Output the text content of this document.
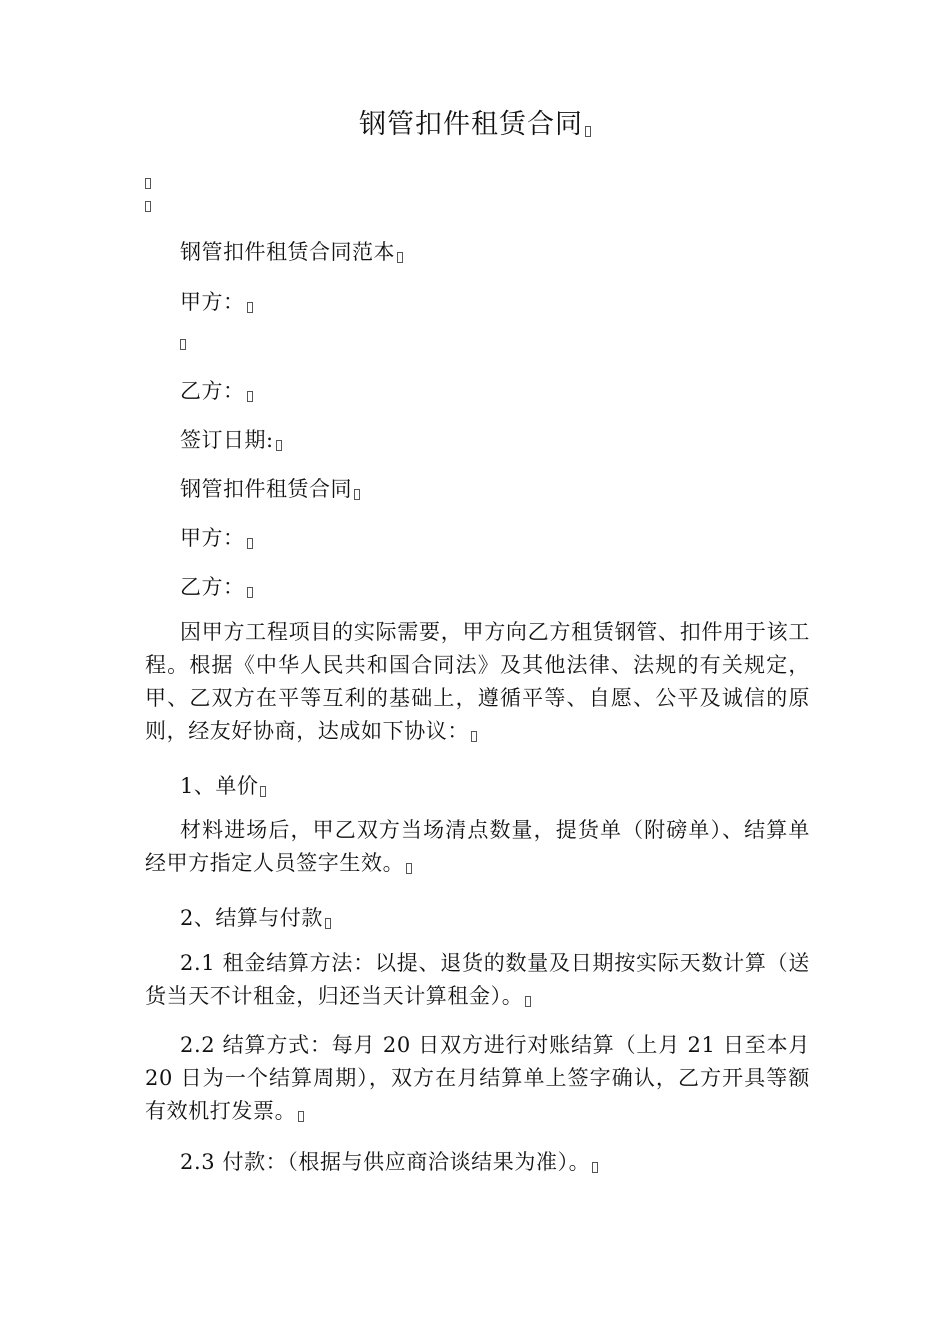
钢管扣件租赁合同
钢管扣件租赁合同范本
甲方：
乙方：
签订日期:
钢管扣件租赁合同
甲方：
乙方：
因甲方工程项目的实际需要，甲方向乙方租赁钢管、扣件用于该工程。根据《中华人民共和国合同法》及其他法律、法规的有关规定，甲、乙双方在平等互利的基础上，遵循平等、自愿、公平及诚信的原则，经友好协商，达成如下协议：
1、单价
材料进场后，甲乙双方当场清点数量，提货单（附磅单）、结算单经甲方指定人员签字生效。
2、结算与付款
2.1 租金结算方法：以提、退货的数量及日期按实际天数计算（送货当天不计租金，归还当天计算租金）。
2.2 结算方式：每月 20 日双方进行对账结算（上月 21 日至本月 20 日为一个结算周期），双方在月结算单上签字确认，乙方开具等额有效机打发票。
2.3 付款：（根据与供应商洽谈结果为准）。
